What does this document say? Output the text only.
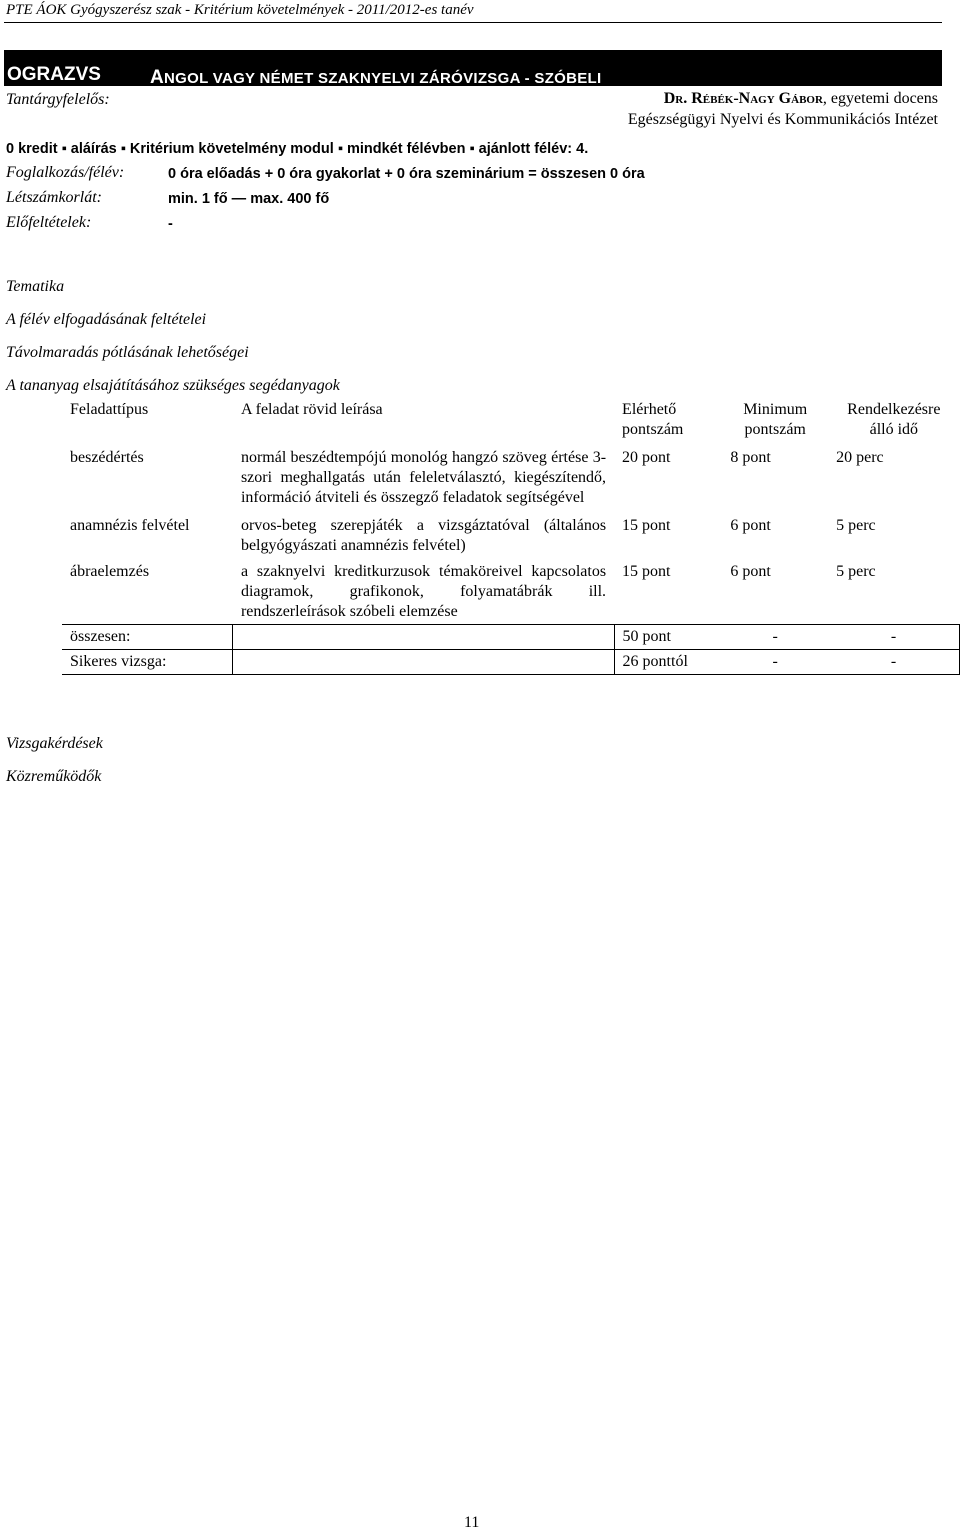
PTE ÁOK Gyógyszerész szak - Kritérium követelmények - 2011/2012-es tanév
OGRAZVS	ANGOL VAGY NÉMET SZAKNYELVI ZÁRÓVIZSGA - SZÓBELI
Tantárgyfelelős:	Dr. Rébék-Nagy Gábor, egyetemi docens
Egészségügyi Nyelvi és Kommunikációs Intézet
0 kredit ▪ aláírás ▪ Kritérium követelmény modul ▪ mindkét félévben ▪ ajánlott félév: 4.
Foglalkozás/félév:	0 óra előadás + 0 óra gyakorlat + 0 óra szeminárium = összesen 0 óra
Létszámkorlát:	min. 1 fő — max. 400 fő
Előfeltételek:	-
Tematika
A félév elfogadásának feltételei
Távolmaradás pótlásának lehetőségei
A tananyag elsajátításához szükséges segédanyagok
Feladattípus	A feladat rövid leírása	Elérhető pontszám	Minimum pontszám	Rendelkezésre álló idő
beszédértés	normál beszédtempójú monológ hangzó szöveg értése 3-szori meghallgatás után feleletválasztó, kiegészítendő, információ átviteli és összegző feladatok segítségével	20 pont	8 pont	20 perc
anamnézis felvétel	orvos-beteg szerepjáték a vizsgáztatóval (általános belgyógyászati anamnézis felvétel)	15 pont	6 pont	5 perc
ábraelemzés	a szaknyelvi kreditkurzusok témaköreivel kapcsolatos diagramok, grafikonok, folyamatábrák ill. rendszerleírások szóbeli elemzése	15 pont	6 pont	5 perc
összesen:		50 pont	-	-
Sikeres vizsga:		26 ponttól	-	-
Vizsgakérdések
Közreműködők
11
